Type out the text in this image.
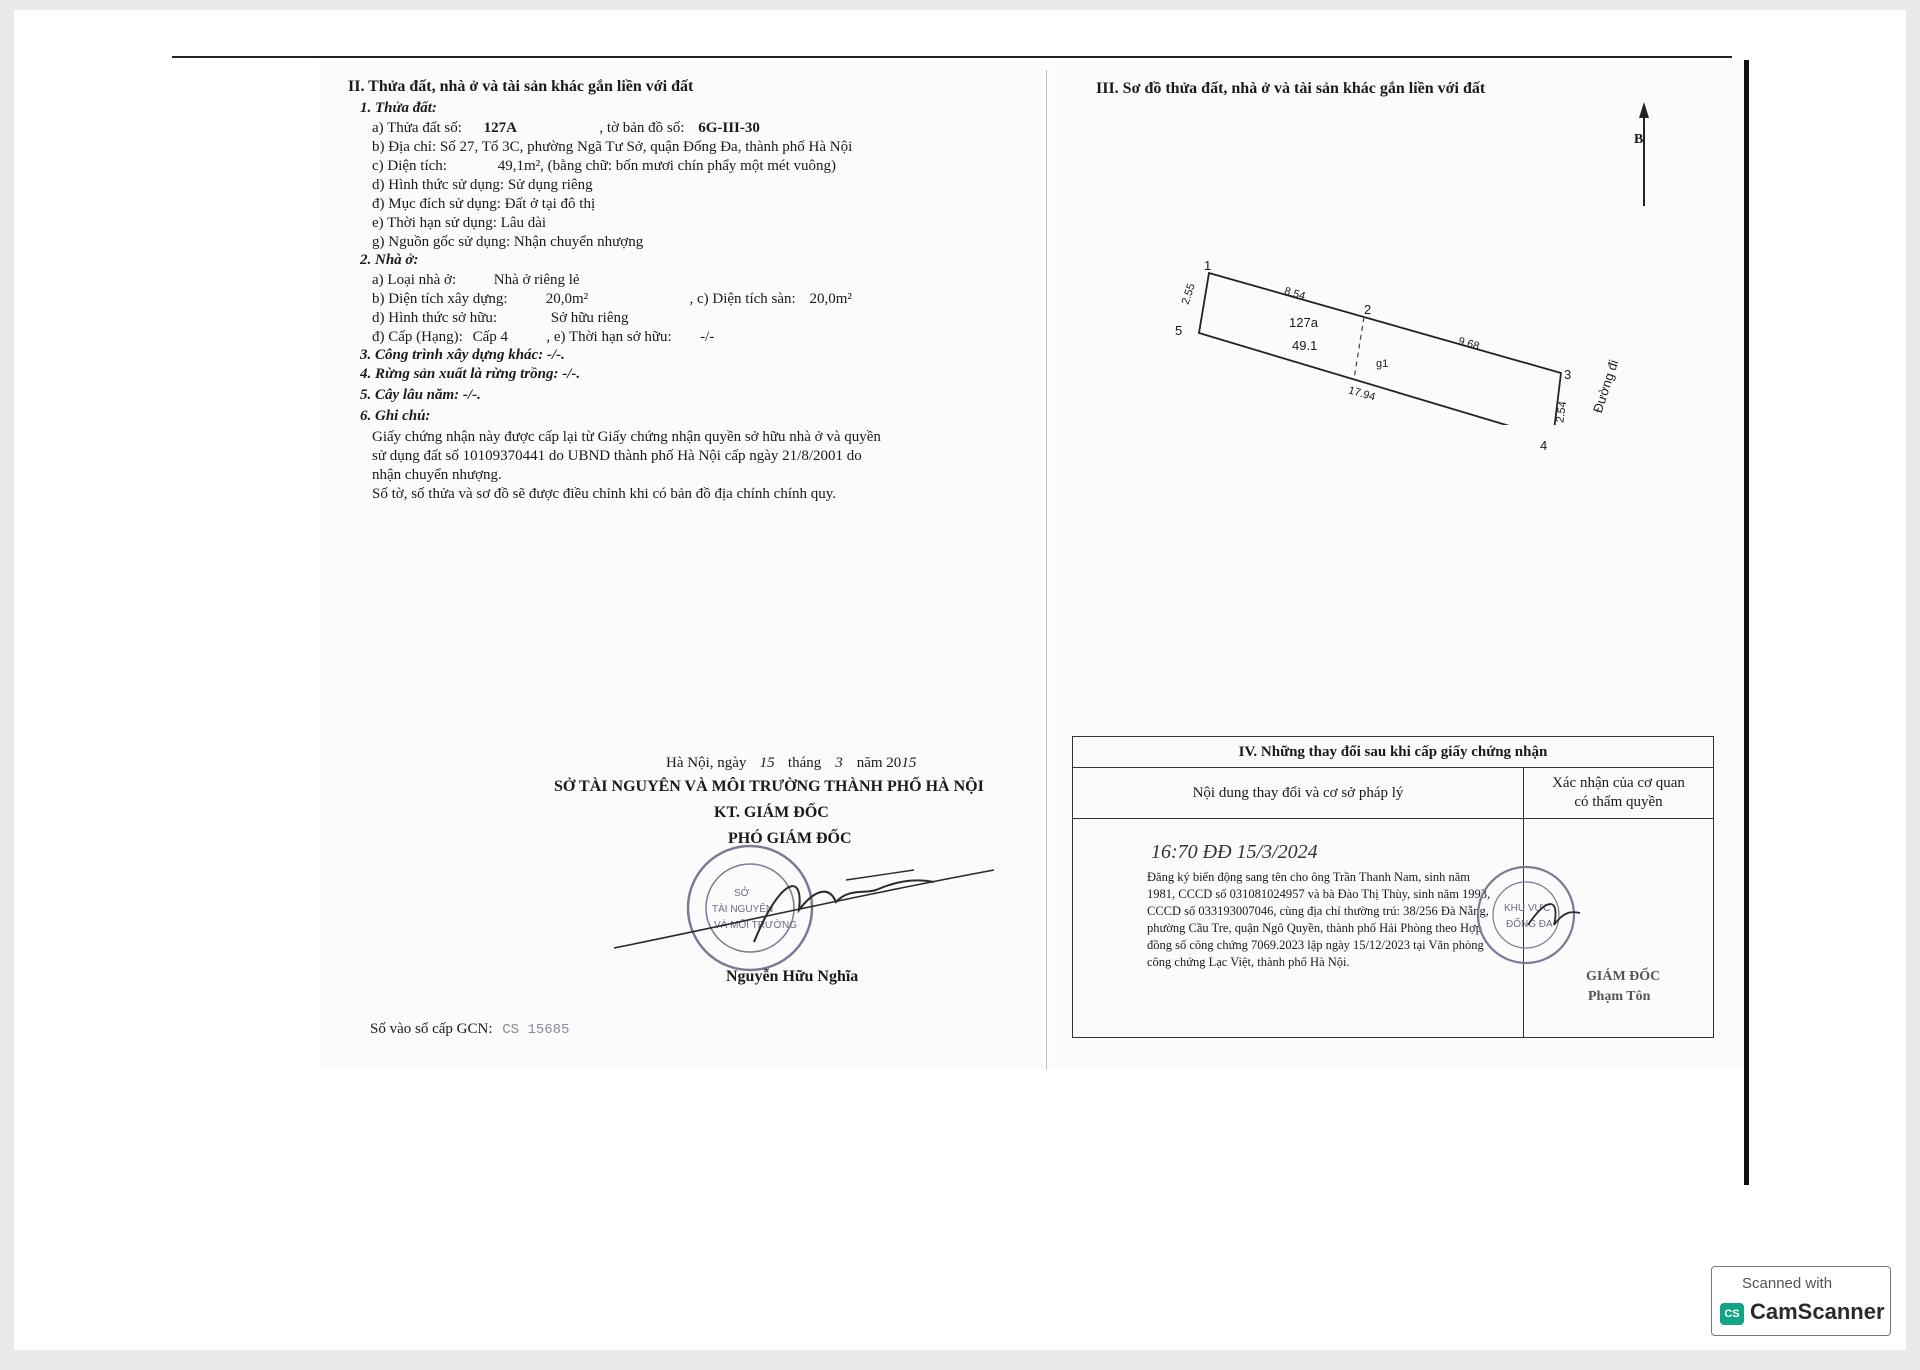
II. Thửa đất, nhà ở và tài sản khác gắn liền với đất
1. Thửa đất:
a) Thửa đất số: 127A	, tờ bản đồ số: 6G-III-30
b) Địa chỉ: Số 27, Tổ 3C, phường Ngã Tư Sở, quận Đống Đa, thành phố Hà Nội
c) Diện tích:	49,1m², (bằng chữ: bốn mươi chín phẩy một mét vuông)
d) Hình thức sử dụng: Sử dụng riêng
đ) Mục đích sử dụng: Đất ở tại đô thị
e) Thời hạn sử dụng: Lâu dài
g) Nguồn gốc sử dụng: Nhận chuyển nhượng
2. Nhà ở:
a) Loại nhà ở:	Nhà ở riêng lẻ
b) Diện tích xây dựng:	20,0m²	, c) Diện tích sàn: 20,0m²
d) Hình thức sở hữu:	Sở hữu riêng
đ) Cấp (Hạng): Cấp 4	, e) Thời hạn sở hữu: -/-
3. Công trình xây dựng khác: -/-.
4. Rừng sản xuất là rừng trồng: -/-.
5. Cây lâu năm: -/-.
6. Ghi chú:
Giấy chứng nhận này được cấp lại từ Giấy chứng nhận quyền sở hữu nhà ở và quyền
sử dụng đất số 10109370441 do UBND thành phố Hà Nội cấp ngày 21/8/2001 do
nhận chuyển nhượng.
Số tờ, số thửa và sơ đồ sẽ được điều chỉnh khi có bản đồ địa chính chính quy.
Hà Nội, ngày 15 tháng 3 năm 2015
SỞ TÀI NGUYÊN VÀ MÔI TRƯỜNG THÀNH PHỐ HÀ NỘI
KT. GIÁM ĐỐC
PHÓ GIÁM ĐỐC
SỞ
TÀI NGUYÊN
VÀ MÔI TRƯỜNG
Nguyễn Hữu Nghĩa
Số vào sổ cấp GCN: CS 15685
III. Sơ đồ thửa đất, nhà ở và tài sản khác gắn liền với đất
B
1
2
3
4
5
2.55	8.54
9.68
17.94
2.54
127a
49.1
g1	Đường đi
IV. Những thay đổi sau khi cấp giấy chứng nhận
Nội dung thay đổi và cơ sở pháp lý
Xác nhận của cơ quan
có thẩm quyền
16:70 ĐĐ 15/3/2024
Đăng ký biến động sang tên cho ông Trần Thanh Nam, sinh năm 1981, CCCD số 031081024957 và bà Đào Thị Thùy, sinh năm 1993, CCCD số 033193007046, cùng địa chỉ thường trú: 38/256 Đà Nẵng, phường Cầu Tre, quận Ngô Quyền, thành phố Hải Phòng theo Hợp đồng số công chứng 7069.2023 lập ngày 15/12/2023 tại Văn phòng công chứng Lạc Việt, thành phố Hà Nội.
KHU VỰC
ĐỐNG ĐA
GIÁM ĐỐC
Phạm Tôn
Scanned with
CS CamScanner
